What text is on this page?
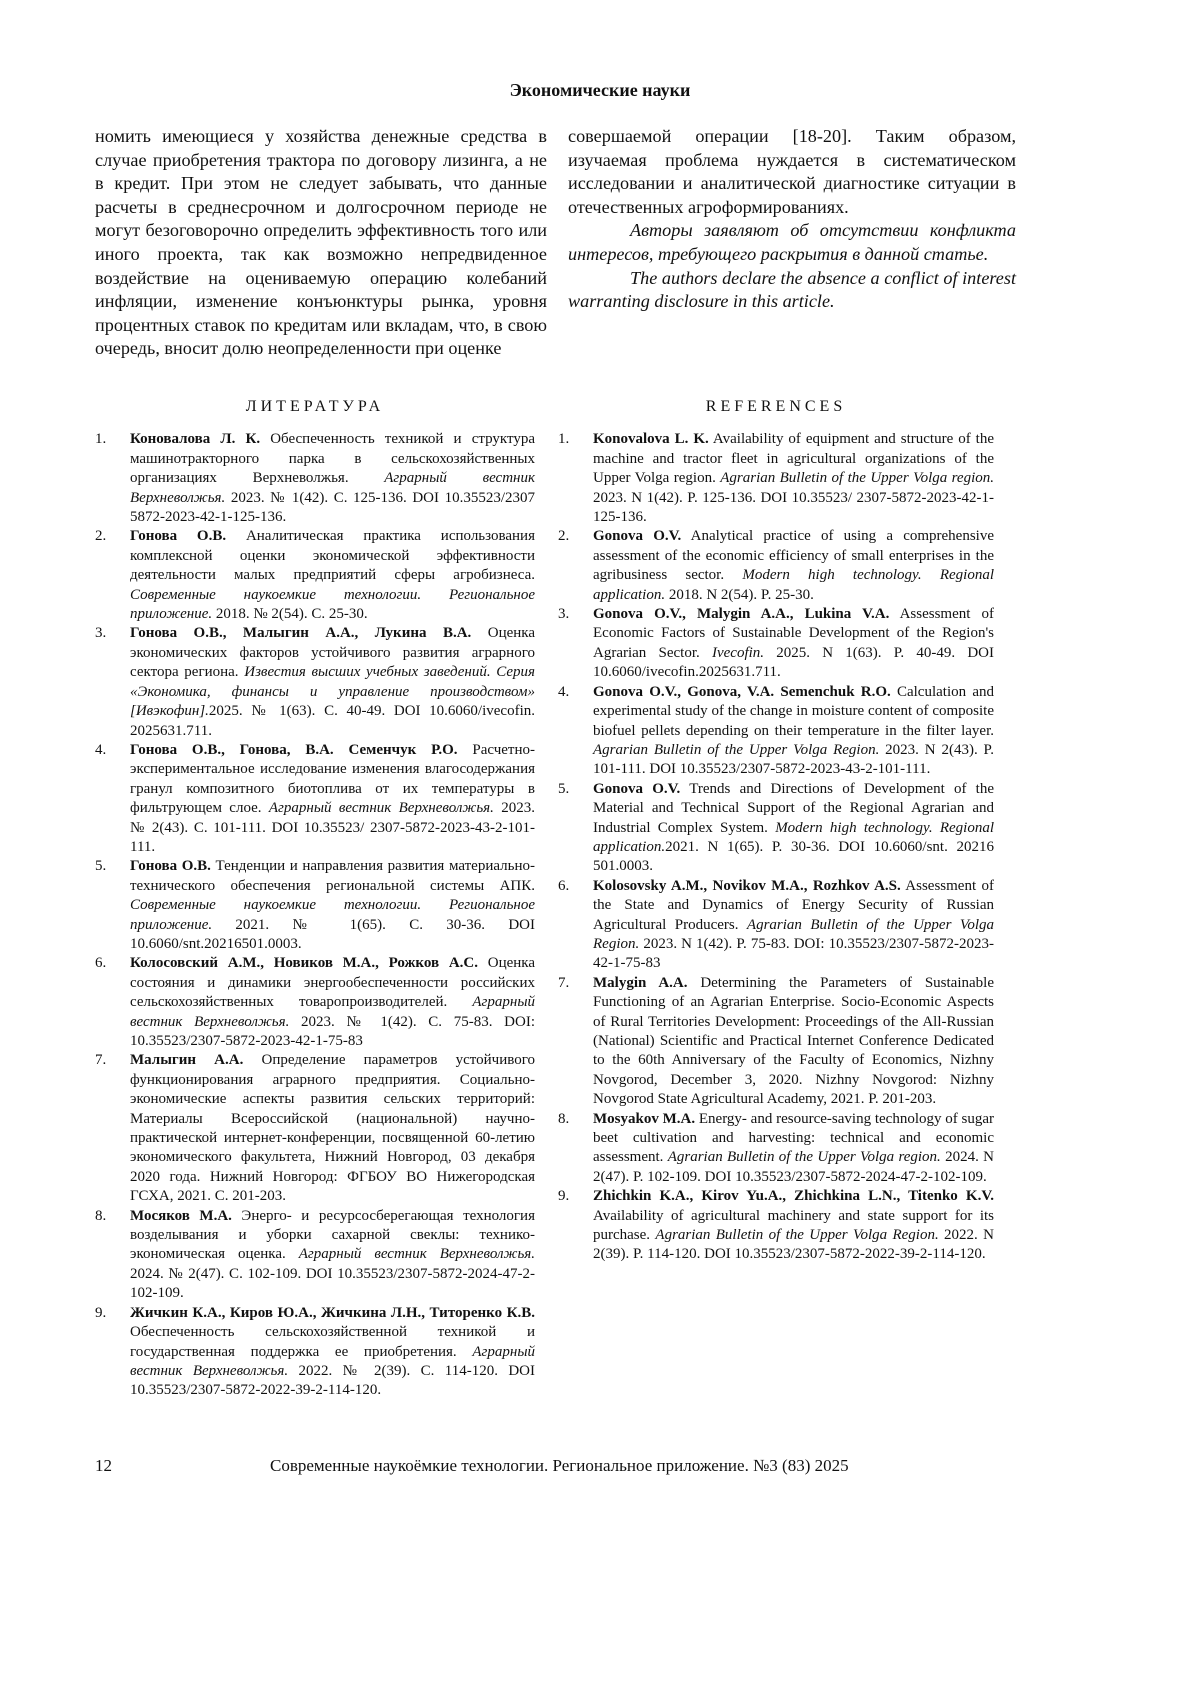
Экономические науки

номить имеющиеся у хозяйства денежные средства в случае приобретения трактора по договору лизинга, а не в кредит. При этом не следует забывать, что данные расчеты в среднесрочном и долгосрочном периоде не могут безоговорочно определить эффективность того или иного проекта, так как возможно непредвиденное воздействие на оцениваемую операцию колебаний инфляции, изменение конъюнктуры рынка, уровня процентных ставок по кредитам или вкладам, что, в свою очередь, вносит долю неопределенности при оценке

совершаемой операции [18-20]. Таким образом, изучаемая проблема нуждается в систематическом исследовании и аналитической диагностике ситуации в отечественных агроформированиях.

Авторы заявляют об отсутствии конфликта интересов, требующего раскрытия в данной статье.

The authors declare the absence a conflict of interest warranting disclosure in this article.

ЛИТЕРАТУРА

1. Коновалова Л. К. Обеспеченность техникой и структура машинотракторного парка в сельскохозяйственных организациях Верхневолжья. Аграрный вестник Верхневолжья. 2023. № 1(42). С. 125-136. DOI 10.35523/2307 5872-2023-42-1-125-136.

2. Гонова О.В. Аналитическая практика использования комплексной оценки экономической эффективности деятельности малых предприятий сферы агробизнеса. Современные наукоемкие технологии. Региональное приложение. 2018. № 2(54). С. 25-30.

3. Гонова О.В., Малыгин А.А., Лукина В.А. Оценка экономических факторов устойчивого развития аграрного сектора региона. Известия высших учебных заведений. Серия «Экономика, финансы и управление производством» [Ивэкофин].2025. № 1(63). С. 40-49. DOI 10.6060/ivecofin. 2025631.711.

4. Гонова О.В., Гонова, В.А. Семенчук Р.О. Расчетно-экспериментальное исследование изменения влагосодержания гранул композитного биотоплива от их температуры в фильтрующем слое. Аграрный вестник Верхневолжья. 2023. № 2(43). С. 101-111. DOI 10.35523/ 2307-5872-2023-43-2-101-111.

5. Гонова О.В. Тенденции и направления развития материально-технического обеспечения региональной системы АПК. Современные наукоемкие технологии. Региональное приложение. 2021. № 1(65). С. 30-36. DOI 10.6060/snt.20216501.0003.

6. Колосовский А.М., Новиков М.А., Рожков А.С. Оценка состояния и динамики энергообеспеченности российских сельскохозяйственных товаропроизводителей. Аграрный вестник Верхневолжья. 2023. № 1(42). С. 75-83. DOI: 10.35523/2307-5872-2023-42-1-75-83

7. Малыгин А.А. Определение параметров устойчивого функционирования аграрного предприятия. Социально-экономические аспекты развития сельских территорий: Материалы Всероссийской (национальной) научно-практической интернет-конференции, посвященной 60-летию экономического факультета, Нижний Новгород, 03 декабря 2020 года. Нижний Новгород: ФГБОУ ВО Нижегородская ГСХА, 2021. С. 201-203.

8. Мосяков М.А. Энерго- и ресурсосберегающая технология возделывания и уборки сахарной свеклы: технико-экономическая оценка. Аграрный вестник Верхневолжья. 2024. № 2(47). С. 102-109. DOI 10.35523/2307-5872-2024-47-2-102-109.

9. Жичкин К.А., Киров Ю.А., Жичкина Л.Н., Титоренко К.В. Обеспеченность сельскохозяйственной техникой и государственная поддержка ее приобретения. Аграрный вестник Верхневолжья. 2022. № 2(39). С. 114-120. DOI 10.35523/2307-5872-2022-39-2-114-120.

REFERENCES

1. Konovalova L. K. Availability of equipment and structure of the machine and tractor fleet in agricultural organizations of the Upper Volga region. Agrarian Bulletin of the Upper Volga region. 2023. N 1(42). P. 125-136. DOI 10.35523/ 2307-5872-2023-42-1-125-136.

2. Gonova O.V. Analytical practice of using a comprehensive assessment of the economic efficiency of small enterprises in the agribusiness sector. Modern high technology. Regional application. 2018. N 2(54). P. 25-30.

3. Gonova O.V., Malygin A.A., Lukina V.A. Assessment of Economic Factors of Sustainable Development of the Region's Agrarian Sector. Ivecofin. 2025. N 1(63). P. 40-49. DOI 10.6060/ivecofin.2025631.711.

4. Gonova O.V., Gonova, V.A. Semenchuk R.O. Calculation and experimental study of the change in moisture content of composite biofuel pellets depending on their temperature in the filter layer. Agrarian Bulletin of the Upper Volga Region. 2023. N 2(43). P. 101-111. DOI 10.35523/2307-5872-2023-43-2-101-111.

5. Gonova O.V. Trends and Directions of Development of the Material and Technical Support of the Regional Agrarian and Industrial Complex System. Modern high technology. Regional application.2021. N 1(65). P. 30-36. DOI 10.6060/snt. 20216 501.0003.

6. Kolosovsky A.M., Novikov M.A., Rozhkov A.S. Assessment of the State and Dynamics of Energy Security of Russian Agricultural Producers. Agrarian Bulletin of the Upper Volga Region. 2023. N 1(42). P. 75-83. DOI: 10.35523/2307-5872-2023-42-1-75-83

7. Malygin A.A. Determining the Parameters of Sustainable Functioning of an Agrarian Enterprise. Socio-Economic Aspects of Rural Territories Development: Proceedings of the All-Russian (National) Scientific and Practical Internet Conference Dedicated to the 60th Anniversary of the Faculty of Economics, Nizhny Novgorod, December 3, 2020. Nizhny Novgorod: Nizhny Novgorod State Agricultural Academy, 2021. P. 201-203.

8. Mosyakov M.A. Energy- and resource-saving technology of sugar beet cultivation and harvesting: technical and economic assessment. Agrarian Bulletin of the Upper Volga region. 2024. N 2(47). P. 102-109. DOI 10.35523/2307-5872-2024-47-2-102-109.

9. Zhichkin K.A., Kirov Yu.A., Zhichkina L.N., Titenko K.V. Availability of agricultural machinery and state support for its purchase. Agrarian Bulletin of the Upper Volga Region. 2022. N 2(39). P. 114-120. DOI 10.35523/2307-5872-2022-39-2-114-120.

12	Современные наукоёмкие технологии. Региональное приложение. №3 (83) 2025
